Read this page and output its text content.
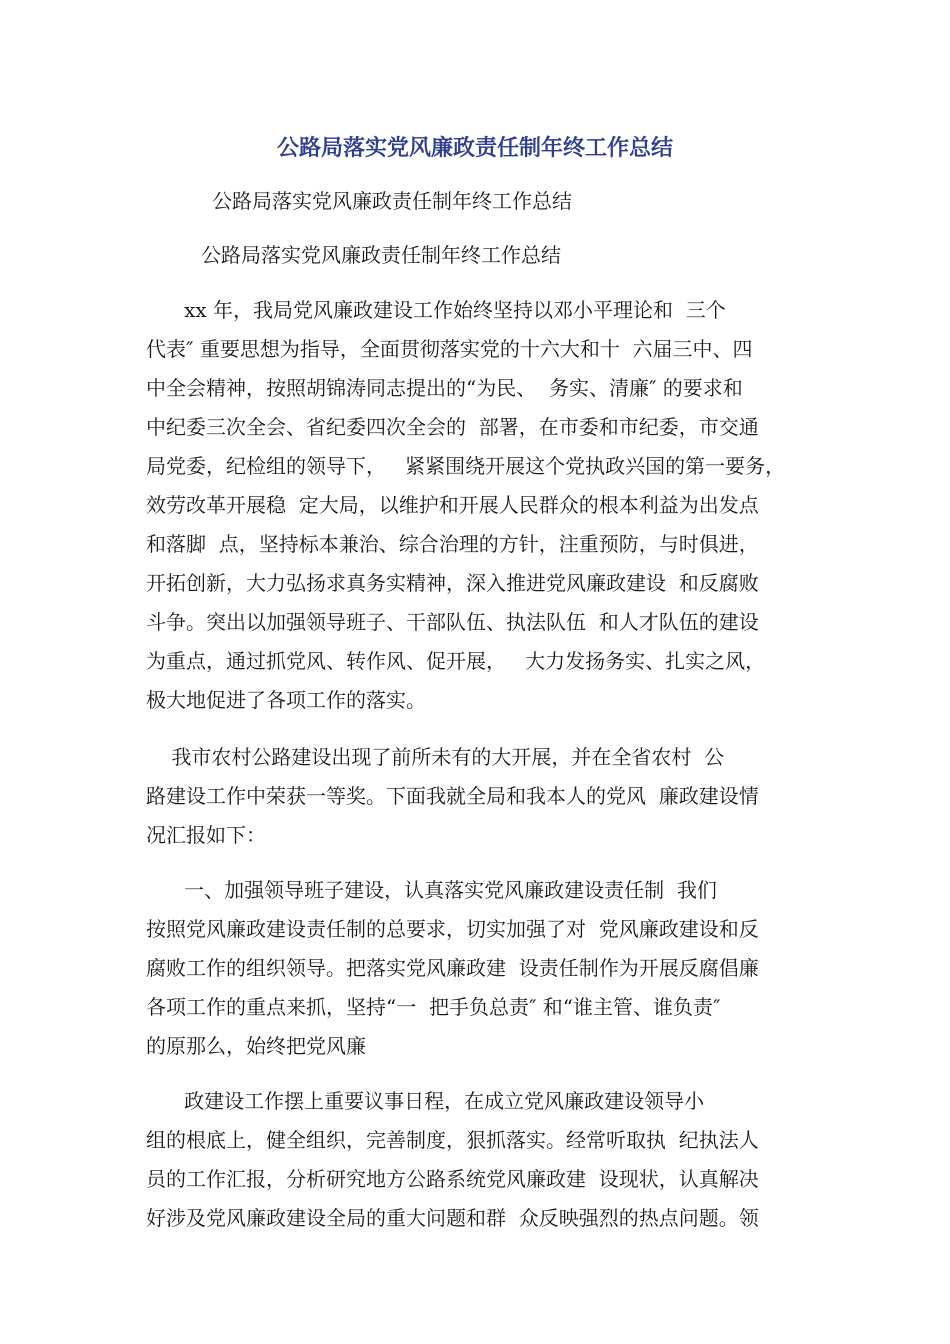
公路局落实党风廉政责任制年终工作总结

公路局落实党风廉政责任制年终工作总结

公路局落实党风廉政责任制年终工作总结

xx 年，我局党风廉政建设工作始终坚持以邓小平理论和  三个
代表″ 重要思想为指导，全面贯彻落实党的十六大和十  六届三中、四
中全会精神，按照胡锦涛同志提出的“为民、  务实、清廉″ 的要求和
中纪委三次全会、省纪委四次全会的  部署，在市委和市纪委，市交通
局党委，纪检组的领导下，   紧紧围绕开展这个党执政兴国的第一要务，
效劳改革开展稳  定大局，以维护和开展人民群众的根本利益为出发点
和落脚  点，坚持标本兼治、综合治理的方针，注重预防，与时俱进，
开拓创新，大力弘扬求真务实精神，深入推进党风廉政建设  和反腐败
斗争。突出以加强领导班子、干部队伍、执法队伍  和人才队伍的建设
为重点，通过抓党风、转作风、促开展，   大力发扬务实、扎实之风，
极大地促进了各项工作的落实。
我市农村公路建设出现了前所未有的大开展，并在全省农村  公
路建设工作中荣获一等奖。下面我就全局和我本人的党风  廉政建设情
况汇报如下：
一、加强领导班子建设，认真落实党风廉政建设责任制  我们
按照党风廉政建设责任制的总要求，切实加强了对  党风廉政建设和反
腐败工作的组织领导。把落实党风廉政建  设责任制作为开展反腐倡廉
各项工作的重点来抓，坚持“一  把手负总责″ 和“谁主管、谁负责″
的原那么，始终把党风廉
政建设工作摆上重要议事日程，在成立党风廉政建设领导小
组的根底上，健全组织，完善制度，狠抓落实。经常听取执  纪执法人
员的工作汇报，分析研究地方公路系统党风廉政建  设现状，认真解决
好涉及党风廉政建设全局的重大问题和群  众反映强烈的热点问题。领
